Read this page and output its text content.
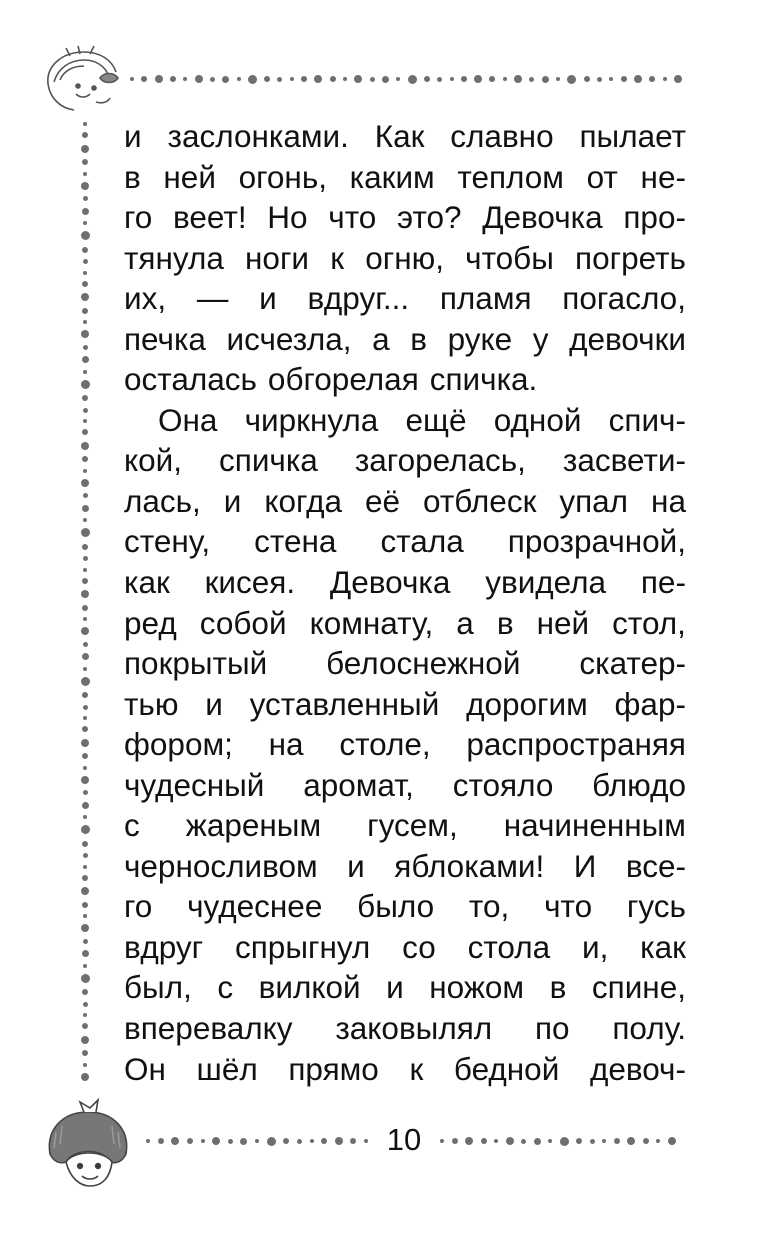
и заслонками. Как славно пылает
в ней огонь, каким теплом от не-
го веет! Но что это? Девочка про-
тянула ноги к огню, чтобы погреть
их, — и вдруг... пламя погасло,
печка исчезла, а в руке у девочки
осталась обгорелая спичка.
Она чиркнула ещё одной спич-
кой, спичка загорелась, засвети-
лась, и когда её отблеск упал на
стену, стена стала прозрачной,
как кисея. Девочка увидела пе-
ред собой комнату, а в ней стол,
покрытый белоснежной скатер-
тью и уставленный дорогим фар-
фором; на столе, распространяя
чудесный аромат, стояло блюдо
с жареным гусем, начиненным
черносливом и яблоками! И все-
го чудеснее было то, что гусь
вдруг спрыгнул со стола и, как
был, с вилкой и ножом в спине,
вперевалку заковылял по полу.
Он шёл прямо к бедной девоч-
10
